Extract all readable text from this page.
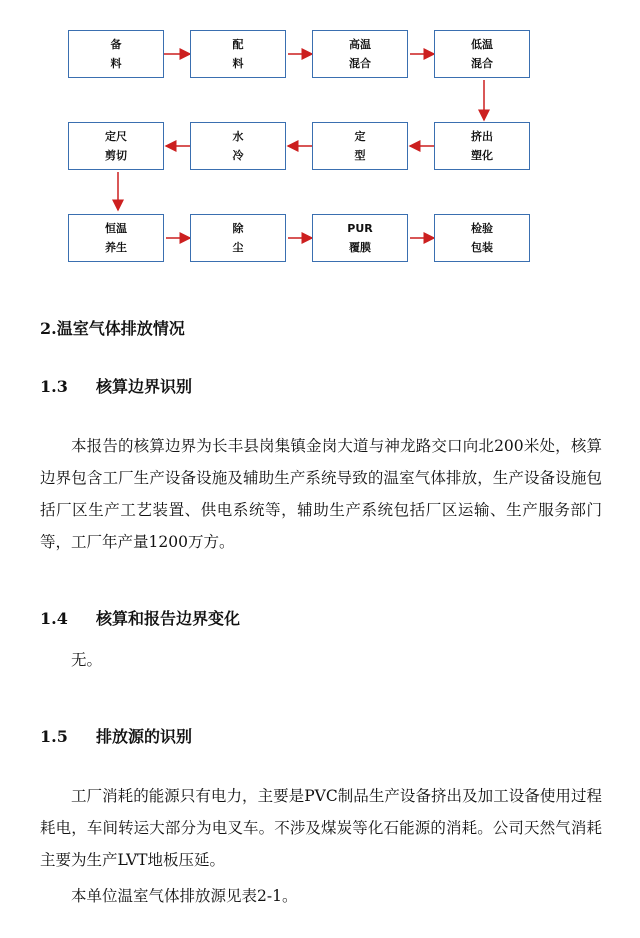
备
料
配
料
高温
混合
低温
混合
挤出
塑化
定
型
水
冷
定尺
剪切
恒温
养生
除
尘
PUR
覆膜
检验
包装
2.温室气体排放情况
1.3 核算边界识别
本报告的核算边界为长丰县岗集镇金岗大道与神龙路交口向北200米处，核算边界包含工厂生产设备设施及辅助生产系统导致的温室气体排放，生产设备设施包括厂区生产工艺装置、供电系统等，辅助生产系统包括厂区运输、生产服务部门等，工厂年产量1200万方。
1.4 核算和报告边界变化
无。
1.5 排放源的识别
工厂消耗的能源只有电力，主要是PVC制品生产设备挤出及加工设备使用过程耗电，车间转运大部分为电叉车。不涉及煤炭等化石能源的消耗。公司天然气消耗主要为生产LVT地板压延。
本单位温室气体排放源见表2-1。
